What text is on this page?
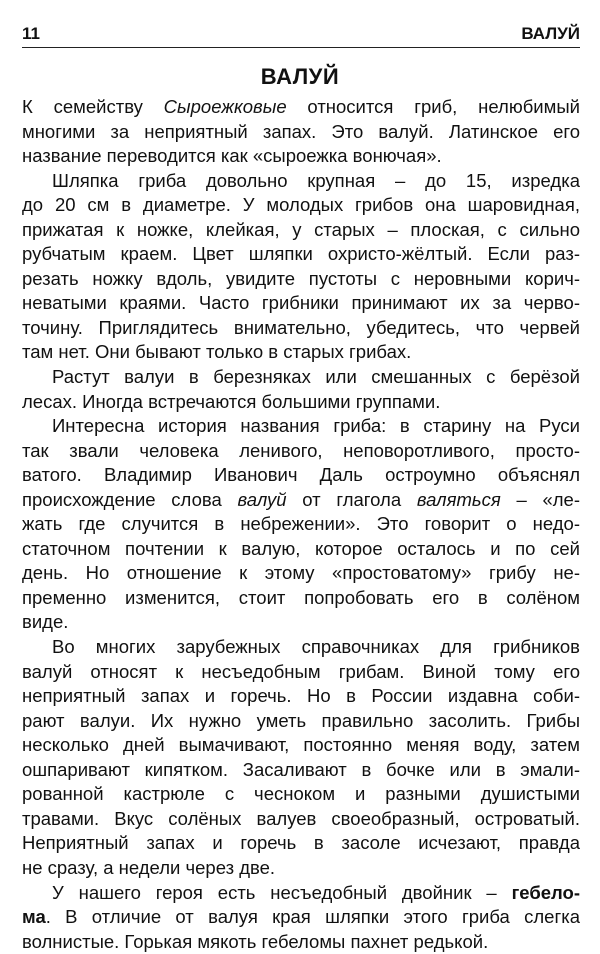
11	ВАЛУЙ
ВАЛУЙ
К семейству Сыроежковые относится гриб, нелюбимый
многими за неприятный запах. Это валуй. Латинское его
название переводится как «сыроежка вонючая».
Шляпка гриба довольно крупная – до 15, изредка
до 20 см в диаметре. У молодых грибов она шаровидная,
прижатая к ножке, клейкая, у старых – плоская, с сильно
рубчатым краем. Цвет шляпки охристо-жёлтый. Если раз-
резать ножку вдоль, увидите пустоты с неровными корич-
неватыми краями. Часто грибники принимают их за черво-
точину. Приглядитесь внимательно, убедитесь, что червей
там нет. Они бывают только в старых грибах.
Растут валуи в березняках или смешанных с берёзой
лесах. Иногда встречаются большими группами.
Интересна история названия гриба: в старину на Руси
так звали человека ленивого, неповоротливого, просто-
ватого. Владимир Иванович Даль остроумно объяснял
происхождение слова валуй от глагола валяться – «ле-
жать где случится в небрежении». Это говорит о недо-
статочном почтении к валую, которое осталось и по сей
день. Но отношение к этому «простоватому» грибу не-
пременно изменится, стоит попробовать его в солёном
виде.
Во многих зарубежных справочниках для грибников
валуй относят к несъедобным грибам. Виной тому его
неприятный запах и горечь. Но в России издавна соби-
рают валуи. Их нужно уметь правильно засолить. Грибы
несколько дней вымачивают, постоянно меняя воду, затем
ошпаривают кипятком. Засаливают в бочке или в эмали-
рованной кастрюле с чесноком и разными душистыми
травами. Вкус солёных валуев своеобразный, островатый.
Неприятный запах и горечь в засоле исчезают, правда
не сразу, а недели через две.
У нашего героя есть несъедобный двойник – гебело-
ма. В отличие от валуя края шляпки этого гриба слегка
волнистые. Горькая мякоть гебеломы пахнет редькой.
